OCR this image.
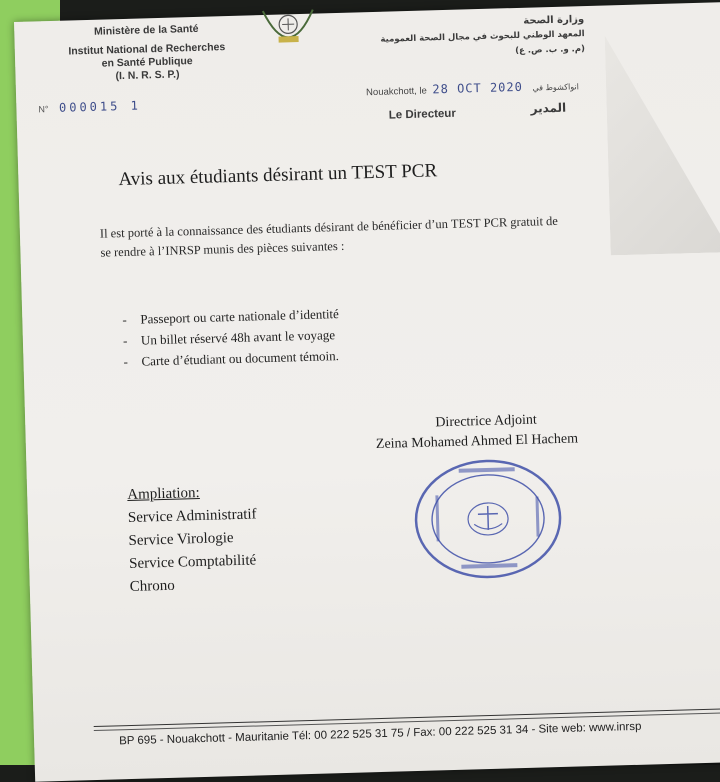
Ministère de la Santé
Institut National de Recherches
en Santé Publique
(I. N. R. S. P.)
وزارة الصحة
المعهد الوطني للبحوث في مجال الصحة العمومية
(م. و. ب. ص. ع)
N° 000015 1
Nouakchott, le 28 OCT 2020 انواكشوط في
Le Directeur	المدير
Avis aux étudiants désirant un TEST PCR
Il est porté à la connaissance des étudiants désirant de bénéficier d’un TEST PCR gratuit de se rendre à l’INRSP munis des pièces suivantes :
- Passeport ou carte nationale d’identité
- Un billet réservé 48h avant le voyage
- Carte d’étudiant ou document témoin.
Directrice Adjoint
Zeina Mohamed Ahmed El Hachem
Ampliation:
Service Administratif
Service Virologie
Service Comptabilité
Chrono
BP 695 - Nouakchott - Mauritanie Tél: 00 222 525 31 75 / Fax: 00 222 525 31 34 - Site web: www.inrsp
